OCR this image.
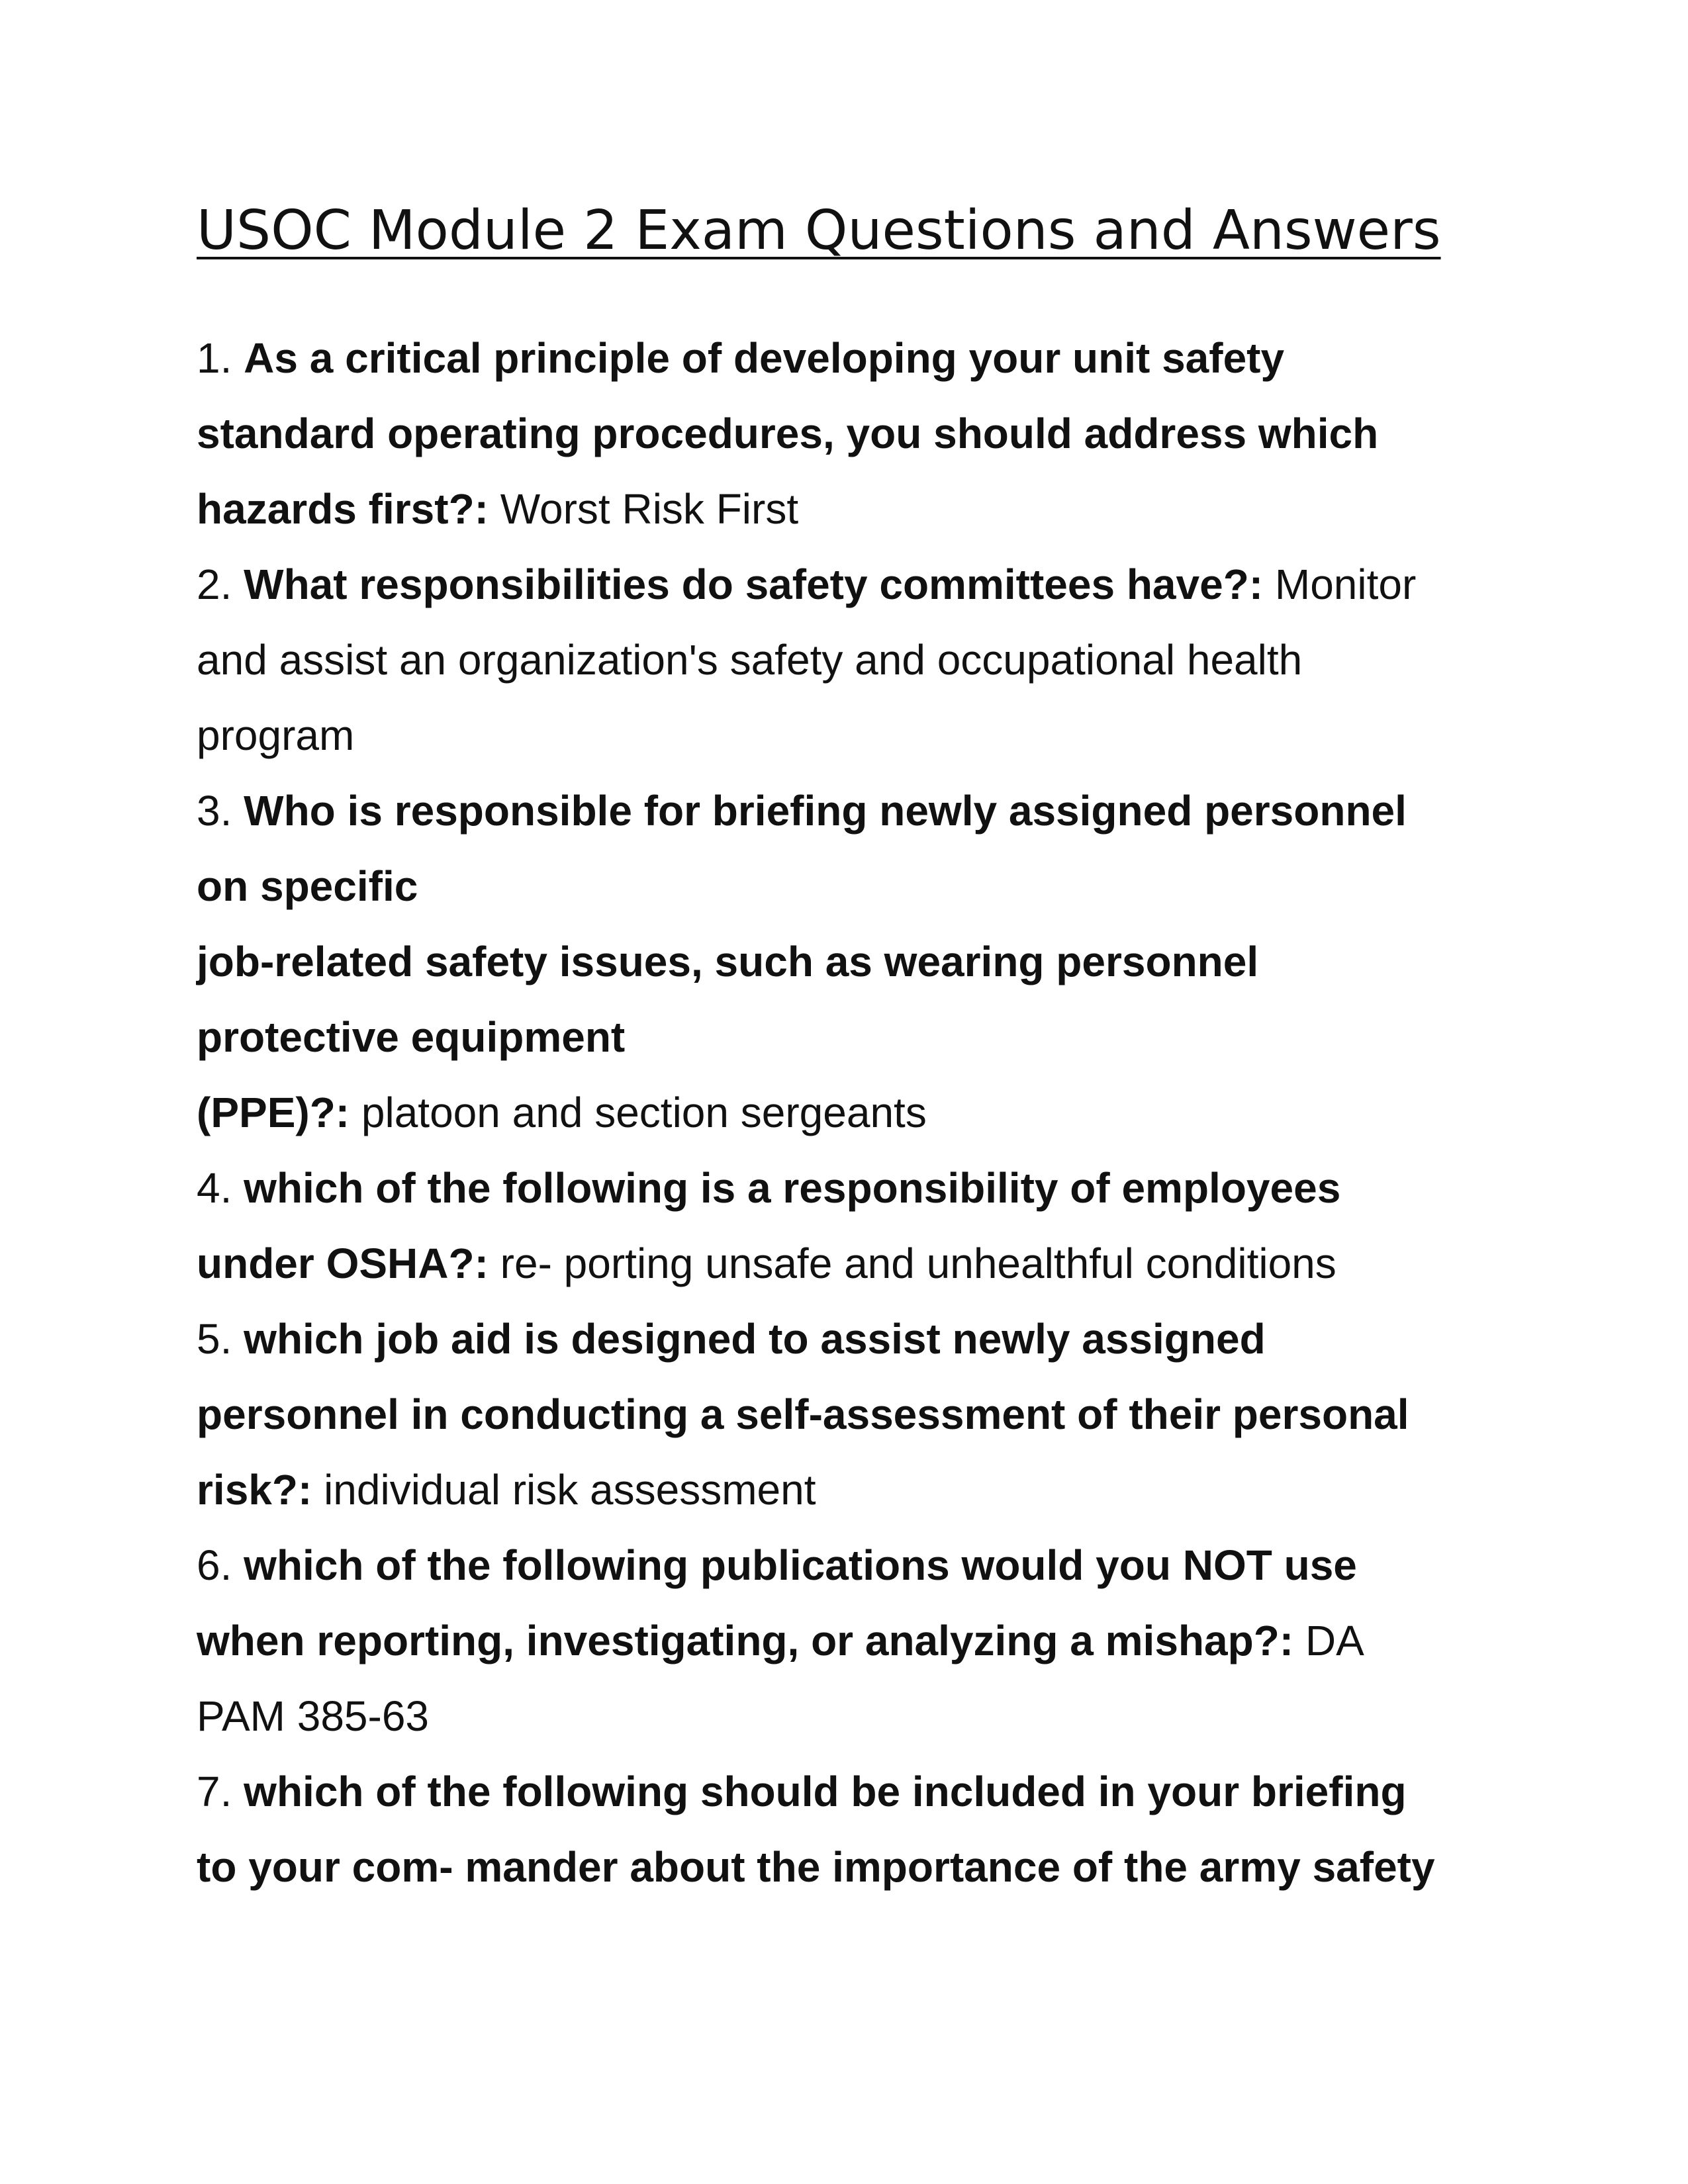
USOC Module 2 Exam Questions and Answers

1. As a critical principle of developing your unit safety

standard operating procedures, you should address which

hazards first?: Worst Risk First

2. What responsibilities do safety committees have?: Monitor

and assist an organization's safety and occupational health

program

3. Who is responsible for briefing newly assigned personnel

on specific

job-related safety issues, such as wearing personnel

protective equipment

(PPE)?: platoon and section sergeants

4. which of the following is a responsibility of employees

under OSHA?: re- porting unsafe and unhealthful conditions

5. which job aid is designed to assist newly assigned

personnel in conducting a self-assessment of their personal

risk?: individual risk assessment

6. which of the following publications would you NOT use

when reporting, investigating, or analyzing a mishap?: DA

PAM 385-63

7. which of the following should be included in your briefing

to your com- mander about the importance of the army safety
